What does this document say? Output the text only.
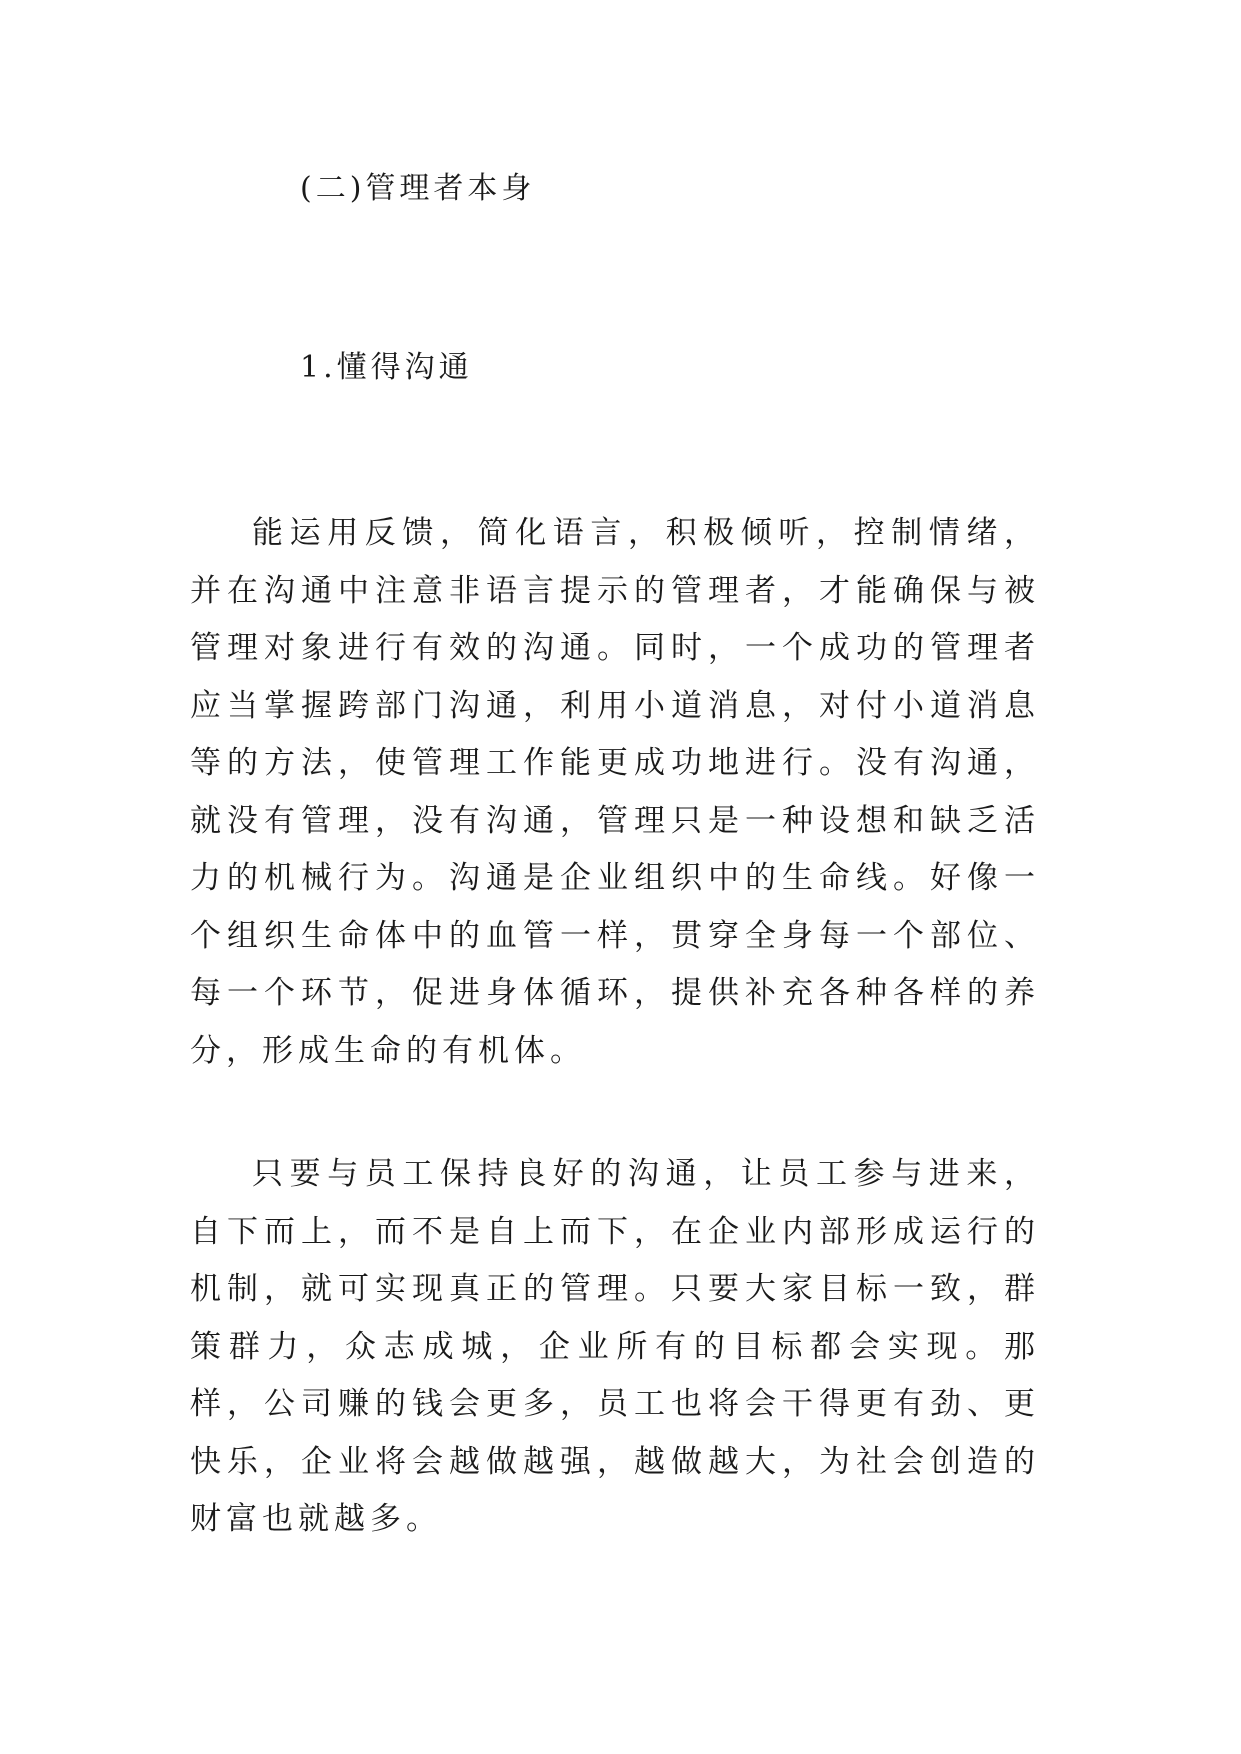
(二)管理者本身
1.懂得沟通

能运用反馈，简化语言，积极倾听，控制情绪，并在沟通中注意非语言提示的管理者，才能确保与被管理对象进行有效的沟通。同时，一个成功的管理者应当掌握跨部门沟通，利用小道消息，对付小道消息等的方法，使管理工作能更成功地进行。没有沟通，就没有管理，没有沟通，管理只是一种设想和缺乏活力的机械行为。沟通是企业组织中的生命线。好像一个组织生命体中的血管一样，贯穿全身每一个部位、每一个环节，促进身体循环，提供补充各种各样的养分，形成生命的有机体。

只要与员工保持良好的沟通，让员工参与进来，自下而上，而不是自上而下，在企业内部形成运行的机制，就可实现真正的管理。只要大家目标一致，群策群力，众志成城，企业所有的目标都会实现。那样，公司赚的钱会更多，员工也将会干得更有劲、更快乐，企业将会越做越强，越做越大，为社会创造的财富也就越多。
